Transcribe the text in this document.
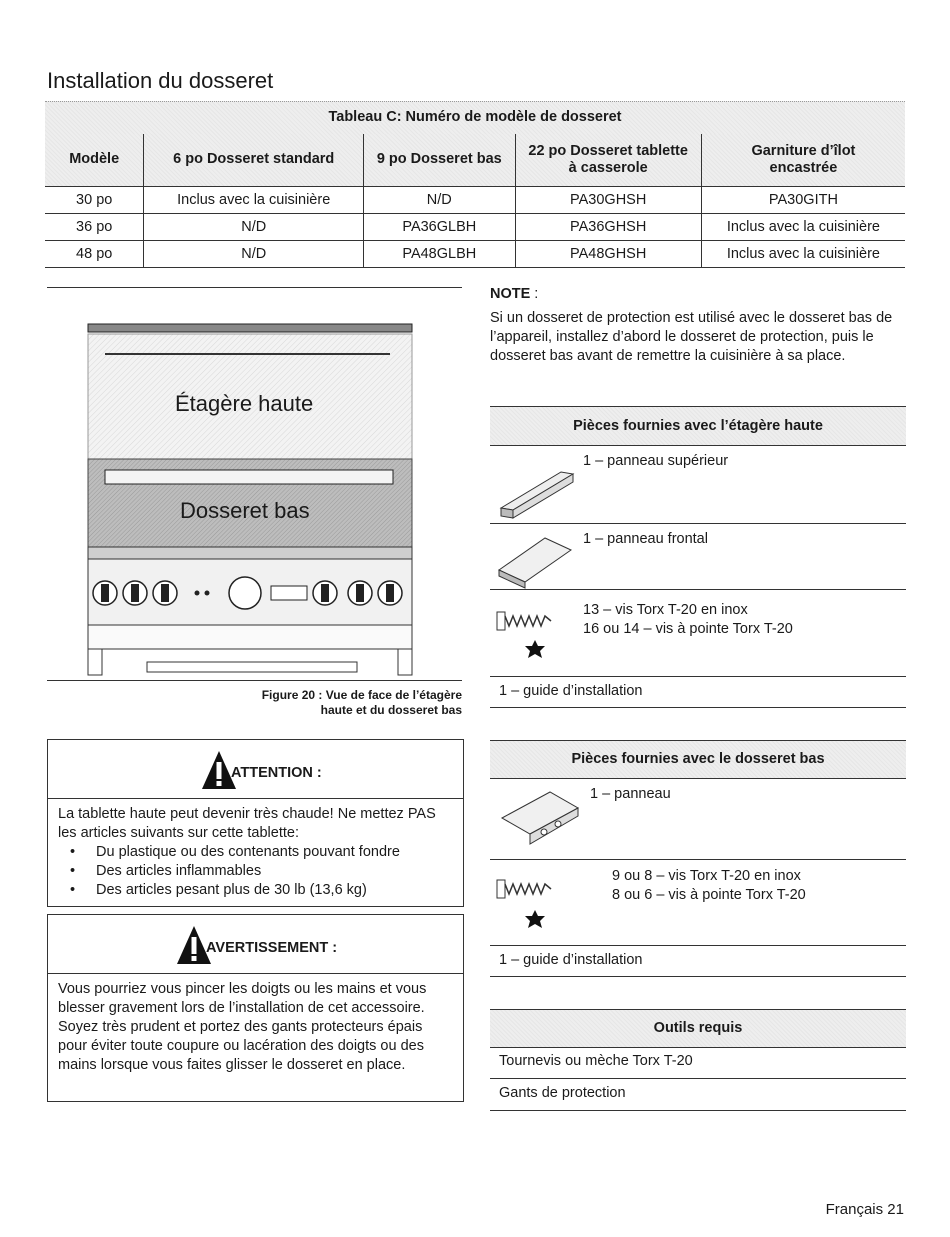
Installation du dosseret
Tableau C: Numéro de modèle de dosseret
Modèle	6 po Dosseret standard	9 po Dosseret bas	22 po Dosseret tablette à casserole	Garniture d’îlot encastrée
30 po	Inclus avec la cuisinière	N/D	PA30GHSH	PA30GITH
36 po	N/D	PA36GLBH	PA36GHSH	Inclus avec la cuisinière
48 po	N/D	PA48GLBH	PA48GHSH	Inclus avec la cuisinière
Étagère haute
Dosseret bas
Figure 20 : Vue de face de l’étagère
haute et du dosseret bas
ATTENTION :
La tablette haute peut devenir très chaude! Ne mettez PAS les articles suivants sur cette tablette:
• Du plastique ou des contenants pouvant fondre
• Des articles inflammables
• Des articles pesant plus de 30 lb (13,6 kg)
AVERTISSEMENT :
Vous pourriez vous pincer les doigts ou les mains et vous blesser gravement lors de l’installation de cet accessoire. Soyez très prudent et portez des gants protecteurs épais pour éviter toute coupure ou lacération des doigts ou des mains lorsque vous faites glisser le dosseret en place.
NOTE :
Si un dosseret de protection est utilisé avec le dosseret bas de l’appareil, installez d’abord le dosseret de protection, puis le dosseret bas avant de remettre la cuisinière à sa place.
Pièces fournies avec l’étagère haute
1 – panneau supérieur
1 – panneau frontal
13 – vis Torx T-20 en inox
16 ou 14 – vis à pointe Torx T-20
1 – guide d’installation
Pièces fournies avec le dosseret bas
1 – panneau
9 ou 8 – vis Torx T-20 en inox
8 ou 6 – vis à pointe Torx T-20
1 – guide d’installation
Outils requis
Tournevis ou mèche Torx T-20
Gants de protection
Français 21
